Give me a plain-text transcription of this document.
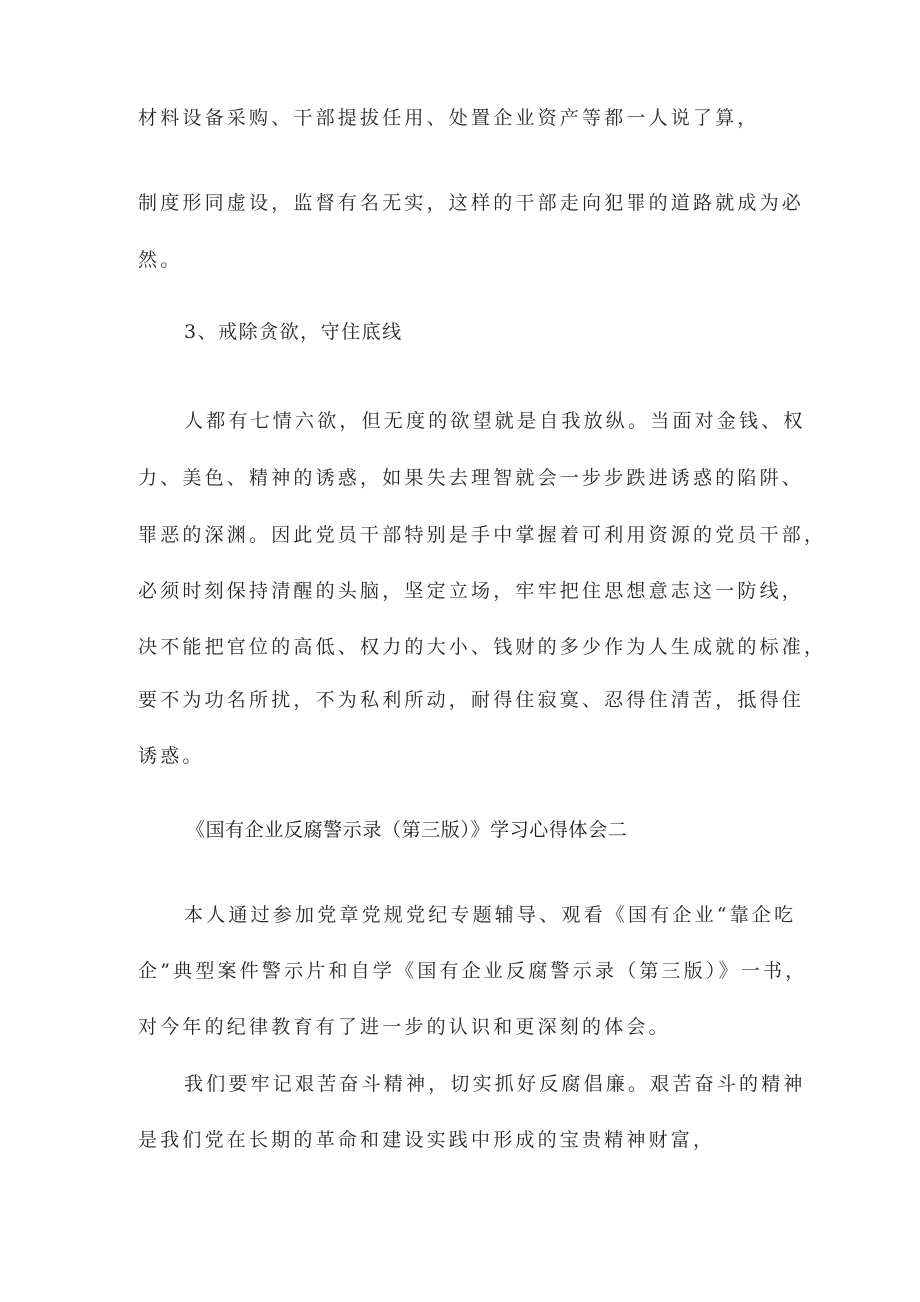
材料设备采购、干部提拔任用、处置企业资产等都一人说了算，
制度形同虚设，监督有名无实，这样的干部走向犯罪的道路就成为必
然。
3、戒除贪欲，守住底线
人都有七情六欲，但无度的欲望就是自我放纵。当面对金钱、权
力、美色、精神的诱惑，如果失去理智就会一步步跌进诱惑的陷阱、
罪恶的深渊。因此党员干部特别是手中掌握着可利用资源的党员干部，
必须时刻保持清醒的头脑，坚定立场，牢牢把住思想意志这一防线，
决不能把官位的高低、权力的大小、钱财的多少作为人生成就的标准，
要不为功名所扰，不为私利所动，耐得住寂寞、忍得住清苦，抵得住
诱惑。
《国有企业反腐警示录（第三版）》学习心得体会二
本人通过参加党章党规党纪专题辅导、观看《国有企业“靠企吃
企”典型案件警示片和自学《国有企业反腐警示录（第三版）》一书，
对今年的纪律教育有了进一步的认识和更深刻的体会。
我们要牢记艰苦奋斗精神，切实抓好反腐倡廉。艰苦奋斗的精神
是我们党在长期的革命和建设实践中形成的宝贵精神财富，
